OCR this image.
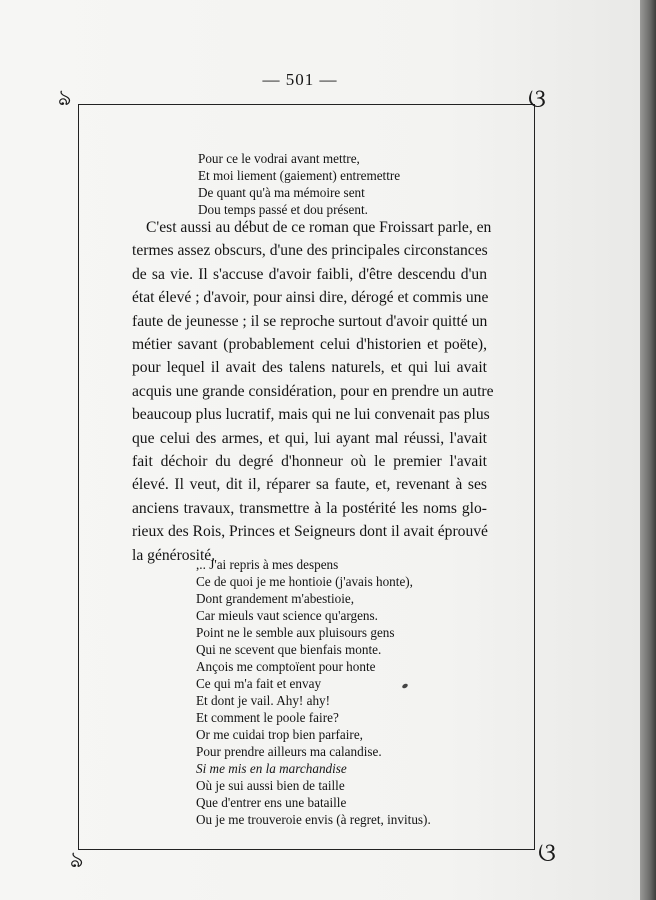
— 501 —
ঌ	ଓ
ঌ	ଓ
Pour ce le vodrai avant mettre,
Et moi liement (gaiement) entremettre
De quant qu'à ma mémoire sent
Dou temps passé et dou présent.
C'est aussi au début de ce roman que Froissart parle, en
termes assez obscurs, d'une des principales circonstances
de sa vie. Il s'accuse d'avoir faibli, d'être descendu d'un
état élevé ; d'avoir, pour ainsi dire, dérogé et commis une
faute de jeunesse ; il se reproche surtout d'avoir quitté un
métier savant (probablement celui d'historien et poëte),
pour lequel il avait des talens naturels, et qui lui avait
acquis une grande considération, pour en prendre un autre
beaucoup plus lucratif, mais qui ne lui convenait pas plus
que celui des armes, et qui, lui ayant mal réussi, l'avait
fait déchoir du degré d'honneur où le premier l'avait
élevé. Il veut, dit il, réparer sa faute, et, revenant à ses
anciens travaux, transmettre à la postérité les noms glo-
rieux des Rois, Princes et Seigneurs dont il avait éprouvé
la générosité.
,.. J'ai repris à mes despens
Ce de quoi je me hontioie (j'avais honte),
Dont grandement m'abestioie,
Car mieuls vaut science qu'argens.
Point ne le semble aux pluisours gens
Qui ne scevent que bienfais monte.
Ançois me comptoïent pour honte
Ce qui m'a fait et envay
Et dont je vail. Ahy! ahy!
Et comment le poole faire?
Or me cuidai trop bien parfaire,
Pour prendre ailleurs ma calandise.
Si me mis en la marchandise
Où je sui aussi bien de taille
Que d'entrer ens une bataille
Ou je me trouveroie envis (à regret, invitus).
